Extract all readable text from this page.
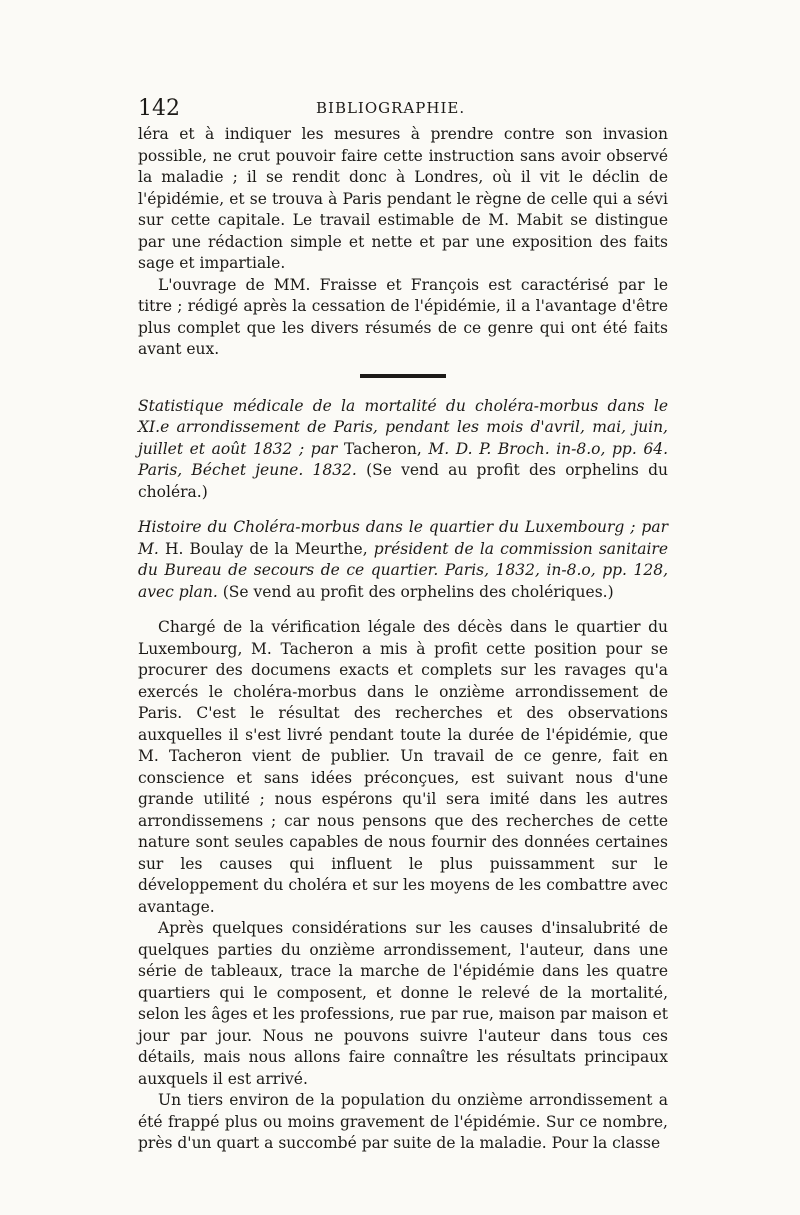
142	BIBLIOGRAPHIE.

léra et à indiquer les mesures à prendre contre son invasion possible, ne crut pouvoir faire cette instruction sans avoir observé la maladie ; il se rendit donc à Londres, où il vit le déclin de l'épidémie, et se trouva à Paris pendant le règne de celle qui a sévi sur cette capitale. Le travail estimable de M. Mabit se distingue par une rédaction simple et nette et par une exposition des faits sage et impartiale.

L'ouvrage de MM. Fraisse et François est caractérisé par le titre ; rédigé après la cessation de l'épidémie, il a l'avantage d'être plus complet que les divers résumés de ce genre qui ont été faits avant eux.

Statistique médicale de la mortalité du choléra-morbus dans le XI.e arrondissement de Paris, pendant les mois d'avril, mai, juin, juillet et août 1832 ; par Tacheron, M. D. P. Broch. in-8.o, pp. 64. Paris, Béchet jeune. 1832. (Se vend au profit des orphelins du choléra.)

Histoire du Choléra-morbus dans le quartier du Luxembourg ; par M. H. Boulay de la Meurthe, président de la commission sanitaire du Bureau de secours de ce quartier. Paris, 1832, in-8.o, pp. 128, avec plan. (Se vend au profit des orphelins des cholériques.)

Chargé de la vérification légale des décès dans le quartier du Luxembourg, M. Tacheron a mis à profit cette position pour se procurer des documens exacts et complets sur les ravages qu'a exercés le choléra-morbus dans le onzième arrondissement de Paris. C'est le résultat des recherches et des observations auxquelles il s'est livré pendant toute la durée de l'épidémie, que M. Tacheron vient de publier. Un travail de ce genre, fait en conscience et sans idées préconçues, est suivant nous d'une grande utilité ; nous espérons qu'il sera imité dans les autres arrondissemens ; car nous pensons que des recherches de cette nature sont seules capables de nous fournir des données certaines sur les causes qui influent le plus puissamment sur le développement du choléra et sur les moyens de les combattre avec avantage.

Après quelques considérations sur les causes d'insalubrité de quelques parties du onzième arrondissement, l'auteur, dans une série de tableaux, trace la marche de l'épidémie dans les quatre quartiers qui le composent, et donne le relevé de la mortalité, selon les âges et les professions, rue par rue, maison par maison et jour par jour. Nous ne pouvons suivre l'auteur dans tous ces détails, mais nous allons faire connaître les résultats principaux auxquels il est arrivé.

Un tiers environ de la population du onzième arrondissement a été frappé plus ou moins gravement de l'épidémie. Sur ce nombre, près d'un quart a succombé par suite de la maladie. Pour la classe
